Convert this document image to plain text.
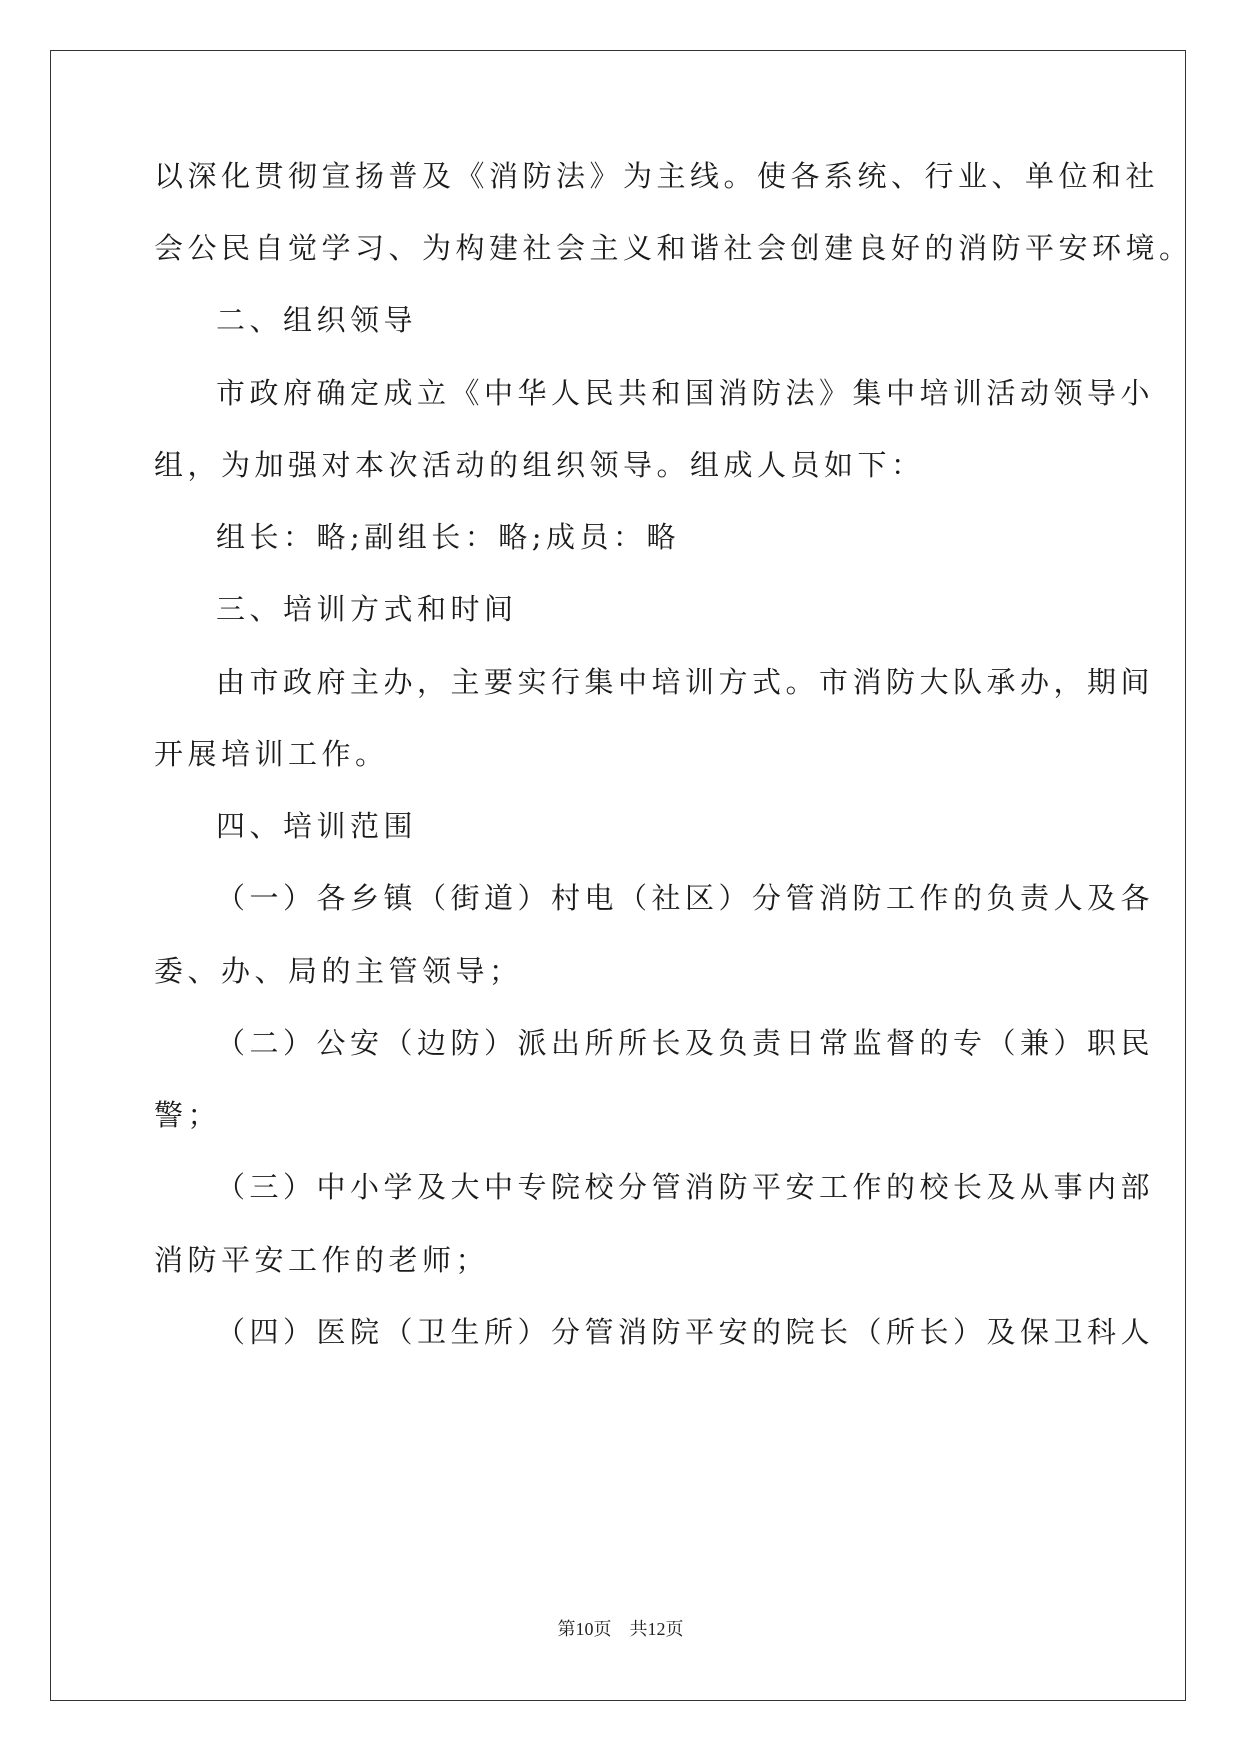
以深化贯彻宣扬普及《消防法》为主线。使各系统、行业、单位和社
会公民自觉学习、为构建社会主义和谐社会创建良好的消防平安环境。
二、组织领导
市政府确定成立《中华人民共和国消防法》集中培训活动领导小
组，为加强对本次活动的组织领导。组成人员如下：
组长：略;副组长：略;成员：略
三、培训方式和时间
由市政府主办，主要实行集中培训方式。市消防大队承办，期间
开展培训工作。
四、培训范围
（一）各乡镇（街道）村电（社区）分管消防工作的负责人及各
委、办、局的主管领导；
（二）公安（边防）派出所所长及负责日常监督的专（兼）职民
警；
（三）中小学及大中专院校分管消防平安工作的校长及从事内部
消防平安工作的老师；
（四）医院（卫生所）分管消防平安的院长（所长）及保卫科人
第10页　共12页
